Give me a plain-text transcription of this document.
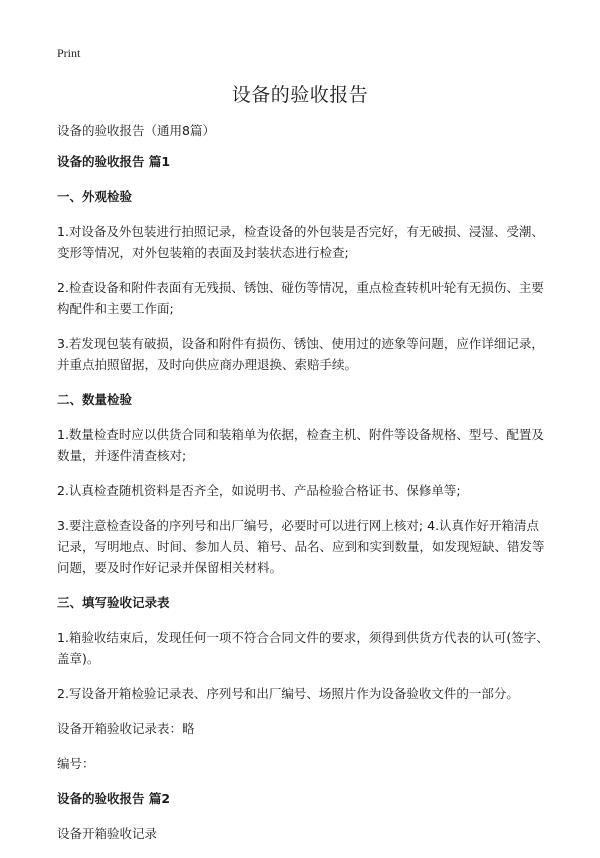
Print
设备的验收报告

设备的验收报告（通用8篇）

设备的验收报告 篇1

一、外观检验

1.对设备及外包装进行拍照记录，检查设备的外包装是否完好，有无破损、浸湿、受潮、变形等情况，对外包装箱的表面及封装状态进行检查;

2.检查设备和附件表面有无残损、锈蚀、碰伤等情况，重点检查转机叶轮有无损伤、主要构配件和主要工作面;

3.若发现包装有破损，设备和附件有损伤、锈蚀、使用过的迹象等问题，应作详细记录，并重点拍照留据，及时向供应商办理退换、索赔手续。

二、数量检验

1.数量检查时应以供货合同和装箱单为依据，检查主机、附件等设备规格、型号、配置及数量，并逐件清查核对;

2.认真检查随机资料是否齐全，如说明书、产品检验合格证书、保修单等;

3.要注意检查设备的序列号和出厂编号，必要时可以进行网上核对; 4.认真作好开箱清点记录，写明地点、时间、参加人员、箱号、品名、应到和实到数量，如发现短缺、错发等问题，要及时作好记录并保留相关材料。

三、填写验收记录表

1.箱验收结束后，发现任何一项不符合合同文件的要求，须得到供货方代表的认可(签字、盖章)。

2.写设备开箱检验记录表、序列号和出厂编号、场照片作为设备验收文件的一部分。

设备开箱验收记录表：略

编号：

设备的验收报告 篇2

设备开箱验收记录
